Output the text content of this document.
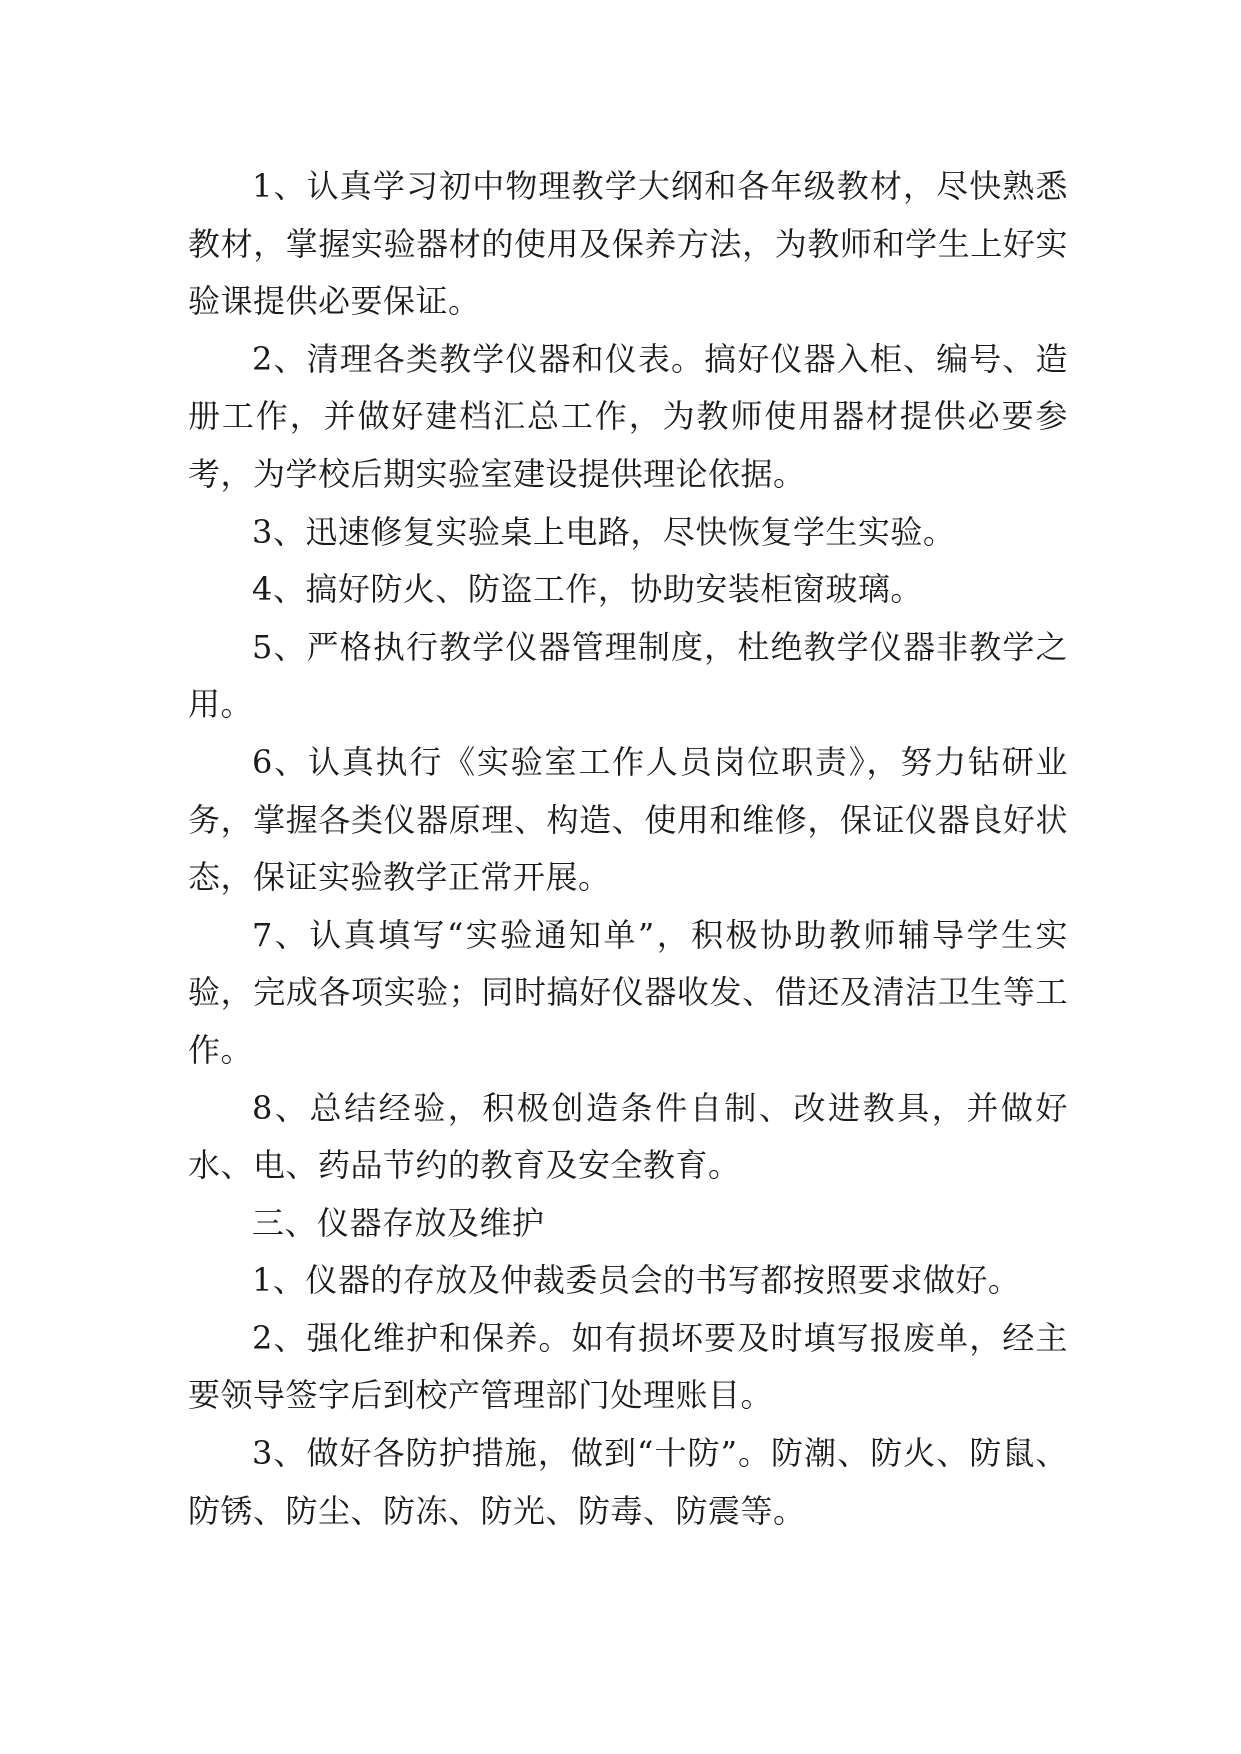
1、认真学习初中物理教学大纲和各年级教材，尽快熟悉教材，掌握实验器材的使用及保养方法，为教师和学生上好实验课提供必要保证。

2、清理各类教学仪器和仪表。搞好仪器入柜、编号、造册工作，并做好建档汇总工作，为教师使用器材提供必要参考，为学校后期实验室建设提供理论依据。

3、迅速修复实验桌上电路，尽快恢复学生实验。

4、搞好防火、防盗工作，协助安装柜窗玻璃。

5、严格执行教学仪器管理制度，杜绝教学仪器非教学之用。

6、认真执行《实验室工作人员岗位职责》，努力钻研业务，掌握各类仪器原理、构造、使用和维修，保证仪器良好状态，保证实验教学正常开展。

7、认真填写“实验通知单”，积极协助教师辅导学生实验，完成各项实验；同时搞好仪器收发、借还及清洁卫生等工作。

8、总结经验，积极创造条件自制、改进教具，并做好水、电、药品节约的教育及安全教育。

三、仪器存放及维护

1、仪器的存放及仲裁委员会的书写都按照要求做好。

2、强化维护和保养。如有损坏要及时填写报废单，经主要领导签字后到校产管理部门处理账目。

3、做好各防护措施，做到“十防”。防潮、防火、防鼠、防锈、防尘、防冻、防光、防毒、防震等。
